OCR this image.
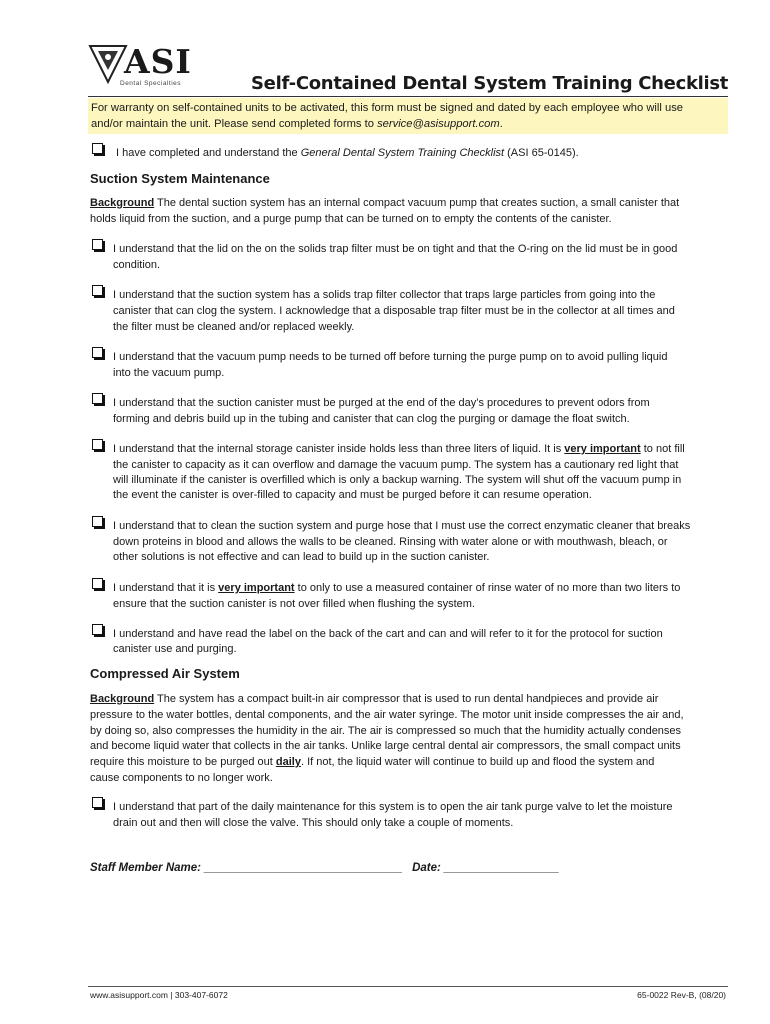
ASI
Dental Specialties	Self-Contained Dental System Training Checklist
For warranty on self-contained units to be activated, this form must be signed and dated by each employee who will use
and/or maintain the unit. Please send completed forms to service@asisupport.com.
I have completed and understand the General Dental System Training Checklist (ASI 65-0145).
Suction System Maintenance
Background The dental suction system has an internal compact vacuum pump that creates suction, a small canister that
holds liquid from the suction, and a purge pump that can be turned on to empty the contents of the canister.
I understand that the lid on the on the solids trap filter must be on tight and that the O-ring on the lid must be in good
condition.
I understand that the suction system has a solids trap filter collector that traps large particles from going into the
canister that can clog the system. I acknowledge that a disposable trap filter must be in the collector at all times and
the filter must be cleaned and/or replaced weekly.
I understand that the vacuum pump needs to be turned off before turning the purge pump on to avoid pulling liquid
into the vacuum pump.
I understand that the suction canister must be purged at the end of the day’s procedures to prevent odors from
forming and debris build up in the tubing and canister that can clog the purging or damage the float switch.
I understand that the internal storage canister inside holds less than three liters of liquid. It is very important to not fill
the canister to capacity as it can overflow and damage the vacuum pump. The system has a cautionary red light that
will illuminate if the canister is overfilled which is only a backup warning. The system will shut off the vacuum pump in
the event the canister is over-filled to capacity and must be purged before it can resume operation.
I understand that to clean the suction system and purge hose that I must use the correct enzymatic cleaner that breaks
down proteins in blood and allows the walls to be cleaned. Rinsing with water alone or with mouthwash, bleach, or
other solutions is not effective and can lead to build up in the suction canister.
I understand that it is very important to only to use a measured container of rinse water of no more than two liters to
ensure that the suction canister is not over filled when flushing the system.
I understand and have read the label on the back of the cart and can and will refer to it for the protocol for suction
canister use and purging.
Compressed Air System
Background The system has a compact built-in air compressor that is used to run dental handpieces and provide air
pressure to the water bottles, dental components, and the air water syringe. The motor unit inside compresses the air and,
by doing so, also compresses the humidity in the air. The air is compressed so much that the humidity actually condenses
and become liquid water that collects in the air tanks. Unlike large central dental air compressors, the small compact units
require this moisture to be purged out daily. If not, the liquid water will continue to build up and flood the system and
cause components to no longer work.
I understand that part of the daily maintenance for this system is to open the air tank purge valve to let the moisture
drain out and then will close the valve. This should only take a couple of moments.
Staff Member Name: _______________________________ Date: __________________
www.asisupport.com | 303-407-6072	65-0022 Rev-B, (08/20)
